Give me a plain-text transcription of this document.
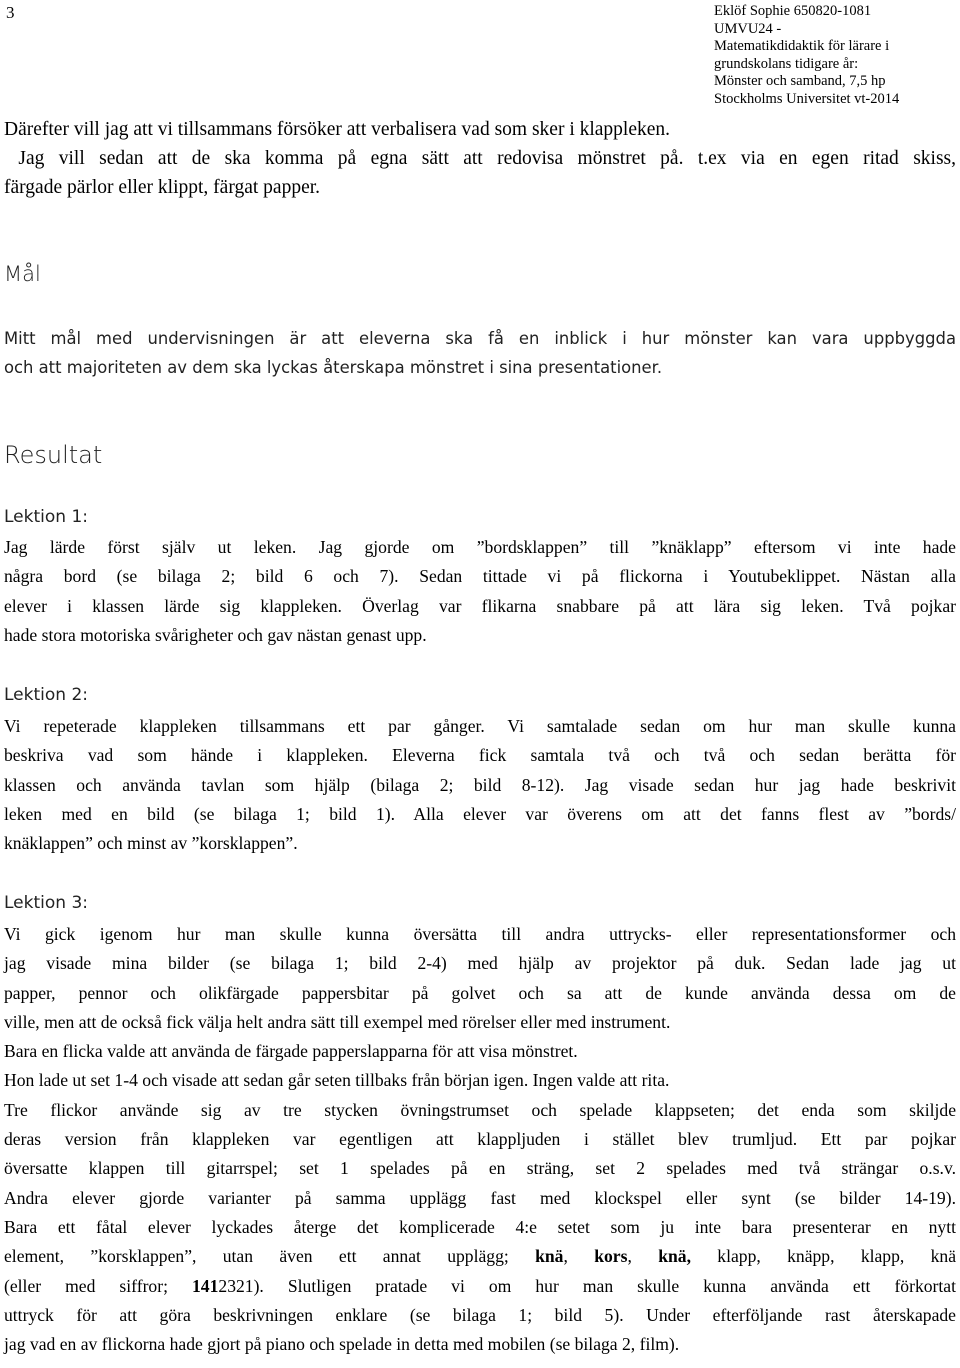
3	Eklöf Sophie 650820-1081
UMVU24 -
Matematikdidaktik för lärare i
grundskolans tidigare år:
Mönster och samband, 7,5 hp
Stockholms Universitet vt-2014
Därefter vill jag att vi tillsammans försöker att verbalisera vad som sker i klappleken.
Jag vill sedan att de ska komma på egna sätt att redovisa mönstret på. t.ex via en egen ritad skiss,
färgade pärlor eller klippt, färgat papper.
Mål
Mitt mål med undervisningen är att eleverna ska få en inblick i hur mönster kan vara uppbyggda
och att majoriteten av dem ska lyckas återskapa mönstret i sina presentationer.
Resultat
Lektion 1:
Jag lärde först själv ut leken. Jag gjorde om ”bordsklappen” till ”knäklapp” eftersom vi inte hade
några bord (se bilaga 2; bild 6 och 7). Sedan tittade vi på flickorna i Youtubeklippet. Nästan alla
elever i klassen lärde sig klappleken. Överlag var flikarna snabbare på att lära sig leken. Två pojkar
hade stora motoriska svårigheter och gav nästan genast upp.
Lektion 2:
Vi repeterade klappleken tillsammans ett par gånger. Vi samtalade sedan om hur man skulle kunna
beskriva vad som hände i klappleken. Eleverna fick samtala två och två och sedan berätta för
klassen och använda tavlan som hjälp (bilaga 2; bild 8-12). Jag visade sedan hur jag hade beskrivit
leken med en bild (se bilaga 1; bild 1). Alla elever var överens om att det fanns flest av ”bords/
knäklappen” och minst av ”korsklappen”.
Lektion 3:
Vi gick igenom hur man skulle kunna översätta till andra uttrycks- eller representationsformer och
jag visade mina bilder (se bilaga 1; bild 2-4) med hjälp av projektor på duk. Sedan lade jag ut
papper, pennor och olikfärgade pappersbitar på golvet och sa att de kunde använda dessa om de
ville, men att de också fick välja helt andra sätt till exempel med rörelser eller med instrument.
Bara en flicka valde att använda de färgade papperslapparna för att visa mönstret.
Hon lade ut set 1-4 och visade att sedan går seten tillbaks från början igen. Ingen valde att rita.
Tre flickor använde sig av tre stycken övningstrumset och spelade klappseten; det enda som skiljde
deras version från klappleken var egentligen att klappljuden i stället blev trumljud. Ett par pojkar
översatte klappen till gitarrspel; set 1 spelades på en sträng, set 2 spelades med två strängar o.s.v.
Andra elever gjorde varianter på samma upplägg fast med klockspel eller synt (se bilder 14-19).
Bara ett fåtal elever lyckades återge det komplicerade 4:e setet som ju inte bara presenterar en nytt
element, ”korsklappen”, utan även ett annat upplägg; knä, kors, knä, klapp, knäpp, klapp, knä
(eller med siffror; 1412321). Slutligen pratade vi om hur man skulle kunna använda ett förkortat
uttryck för att göra beskrivningen enklare (se bilaga 1; bild 5). Under efterföljande rast återskapade
jag vad en av flickorna hade gjort på piano och spelade in detta med mobilen (se bilaga 2, film).
